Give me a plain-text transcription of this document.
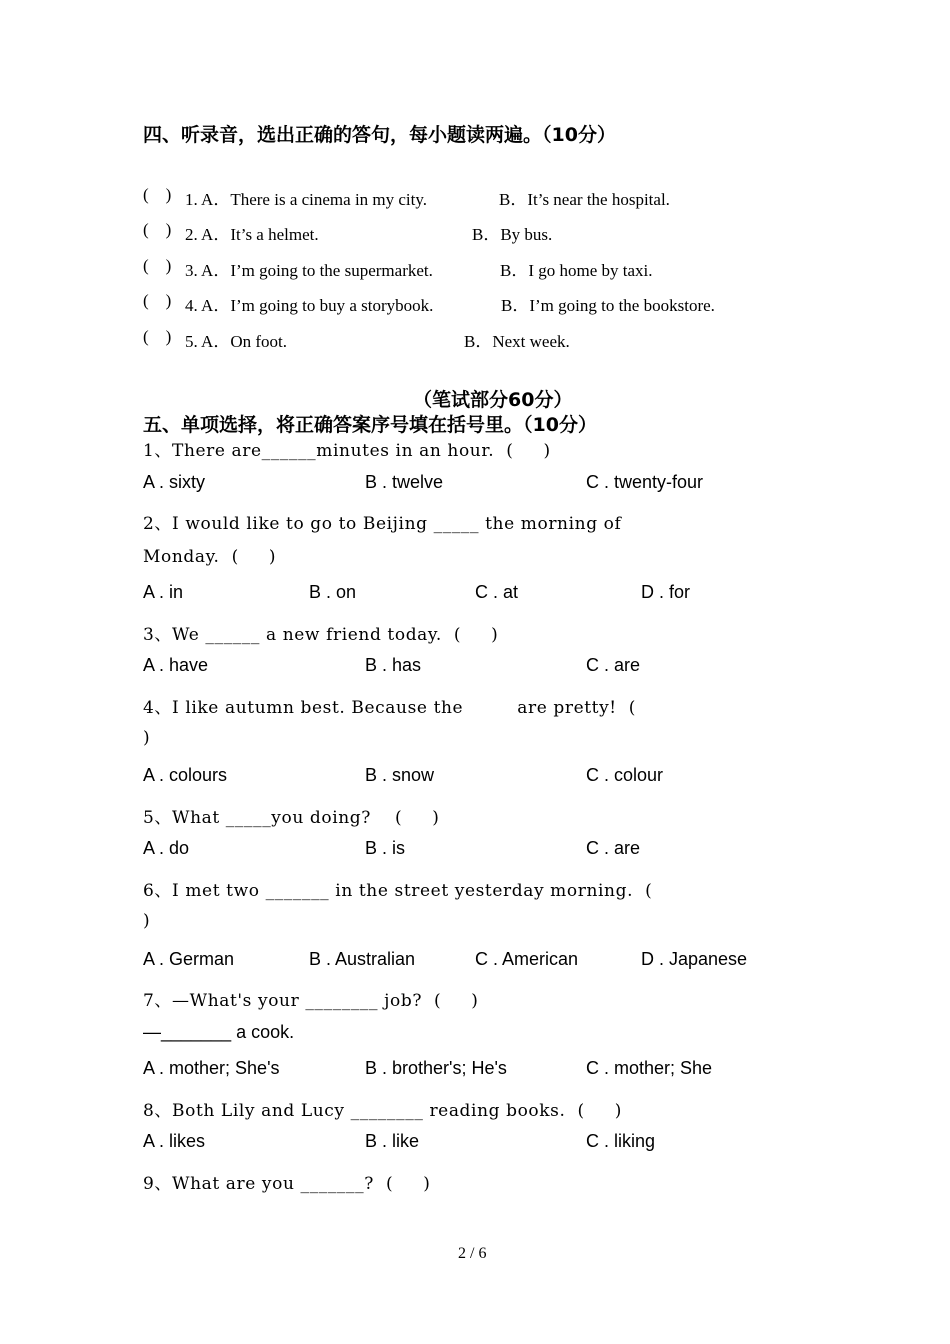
四、听录音，选出正确的答句，每小题读两遍。（10分）
(    ) 1. A．There is a cinema in my city.	B．It’s near the hospital.
(    ) 2. A．It’s a helmet.	B．By bus.
(    ) 3. A．I’m going to the supermarket.	B．I go home by taxi.
(    ) 4. A．I’m going to buy a storybook.	B．I’m going to the bookstore.
(    ) 5. A．On foot.	B．Next week.
（笔试部分60分）
五、单项选择，将正确答案序号填在括号里。（10分）
1、There are______minutes in an hour.  (     )
A . sixty	B . twelve	C . twenty-four
2、I would like to go to Beijing _____ the morning of
Monday.  (     )
A . in	B . on	C . at	D . for
3、We ______ a new friend today.  (     )
A . have	B . has	C . are
4、I like autumn best. Because the         are pretty!  (
)
A . colours	B . snow	C . colour
5、What _____you doing?    (     )
A . do	B . is	C . are
6、I met two _______ in the street yesterday morning.  (
)
A . German	B . Australian	C . American	D . Japanese
7、—What's your ________ job?  (     )
—_______ a cook.
A . mother; She's	B . brother's; He's	C . mother; She
8、Both Lily and Lucy ________ reading books.  (     )
A . likes	B . like	C . liking
9、What are you _______?  (     )
2 / 6
